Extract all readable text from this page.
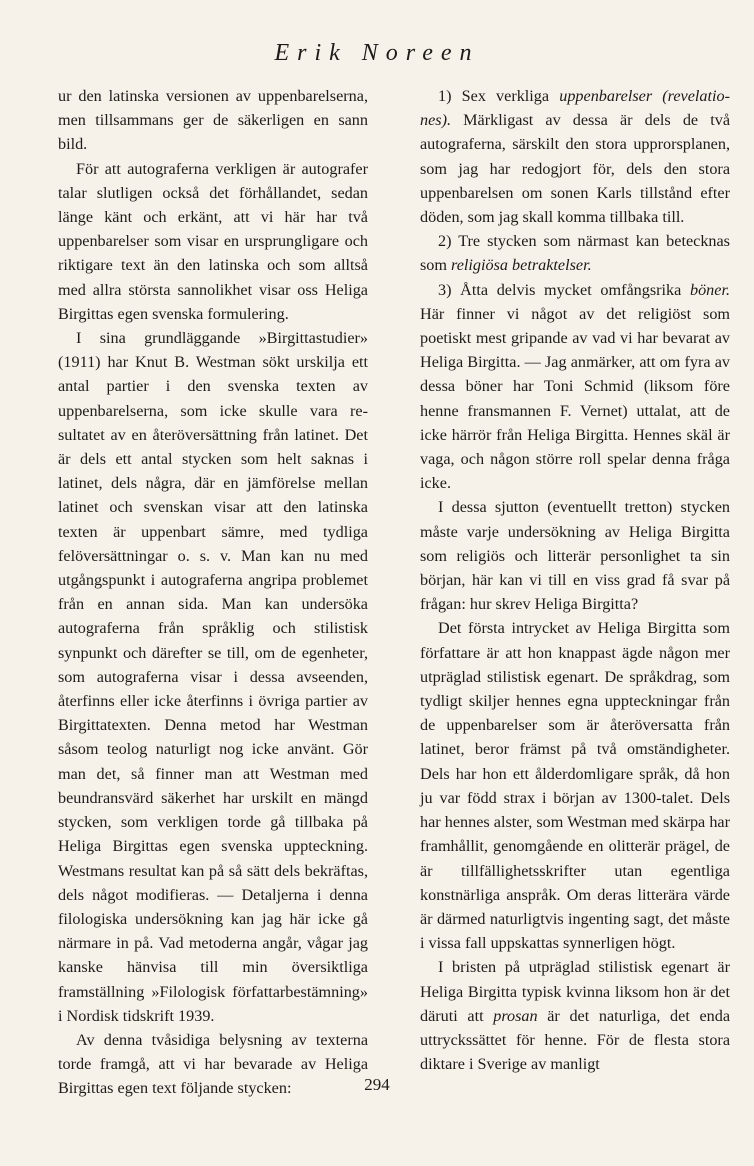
Erik Noreen

ur den latinska versionen av uppenbarelserna, men tillsammans ger de säkerligen en sann bild.

För att autograferna verkligen är autografer talar slutligen också det förhållandet, sedan länge känt och erkänt, att vi här har två uppenbarelser som visar en ursprungligare och riktigare text än den latinska och som alltså med allra största sannolikhet visar oss Heliga Birgittas egen svenska formulering.

I sina grundläggande »Birgittastudier» (1911) har Knut B. Westman sökt urskilja ett antal partier i den svenska texten av uppenbarelserna, som icke skulle vara resultatet av en återöversättning från latinet. Det är dels ett antal stycken som helt saknas i latinet, dels några, där en jämförelse mellan latinet och svenskan visar att den latinska texten är uppenbart sämre, med tydliga felöversättningar o. s. v. Man kan nu med utgångspunkt i autograferna angripa problemet från en annan sida. Man kan undersöka autograferna från språklig och stilistisk synpunkt och därefter se till, om de egenheter, som autograferna visar i dessa avseenden, återfinns eller icke återfinns i övriga partier av Birgittatexten. Denna metod har Westman såsom teolog naturligt nog icke använt. Gör man det, så finner man att Westman med beundransvärd säkerhet har urskilt en mängd stycken, som verkligen torde gå tillbaka på Heliga Birgittas egen svenska uppteckning. Westmans resultat kan på så sätt dels bekräftas, dels något modifieras. — Detaljerna i denna filologiska undersökning kan jag här icke gå närmare in på. Vad metoderna angår, vågar jag kanske hänvisa till min översiktliga framställning »Filologisk författarbestämning» i Nordisk tidskrift 1939.

Av denna tvåsidiga belysning av texterna torde framgå, att vi har bevarade av Heliga Birgittas egen text följande stycken:

1) Sex verkliga uppenbarelser (revelationes). Märkligast av dessa är dels de två autograferna, särskilt den stora upprorsplanen, som jag har redogjort för, dels den stora uppenbarelsen om sonen Karls tillstånd efter döden, som jag skall komma tillbaka till.

2) Tre stycken som närmast kan betecknas som religiösa betraktelser.

3) Åtta delvis mycket omfångsrika böner. Här finner vi något av det religiöst som poetiskt mest gripande av vad vi har bevarat av Heliga Birgitta. — Jag anmärker, att om fyra av dessa böner har Toni Schmid (liksom före henne fransmannen F. Vernet) uttalat, att de icke härrör från Heliga Birgitta. Hennes skäl är vaga, och någon större roll spelar denna fråga icke.

I dessa sjutton (eventuellt tretton) stycken måste varje undersökning av Heliga Birgitta som religiös och litterär personlighet ta sin början, här kan vi till en viss grad få svar på frågan: hur skrev Heliga Birgitta?

Det första intrycket av Heliga Birgitta som författare är att hon knappast ägde någon mer utpräglad stilistisk egenart. De språkdrag, som tydligt skiljer hennes egna uppteckningar från de uppenbarelser som är återöversatta från latinet, beror främst på två omständigheter. Dels har hon ett ålderdomligare språk, då hon ju var född strax i början av 1300-talet. Dels har hennes alster, som Westman med skärpa har framhållit, genomgående en olitterär prägel, de är tillfällighetsskrifter utan egentliga konstnärliga anspråk. Om deras litterära värde är därmed naturligtvis ingenting sagt, det måste i vissa fall uppskattas synnerligen högt.

I bristen på utpräglad stilistisk egenart är Heliga Birgitta typisk kvinna liksom hon är det däruti att prosan är det naturliga, det enda uttryckssättet för henne. För de flesta stora diktare i Sverige av manligt

294
